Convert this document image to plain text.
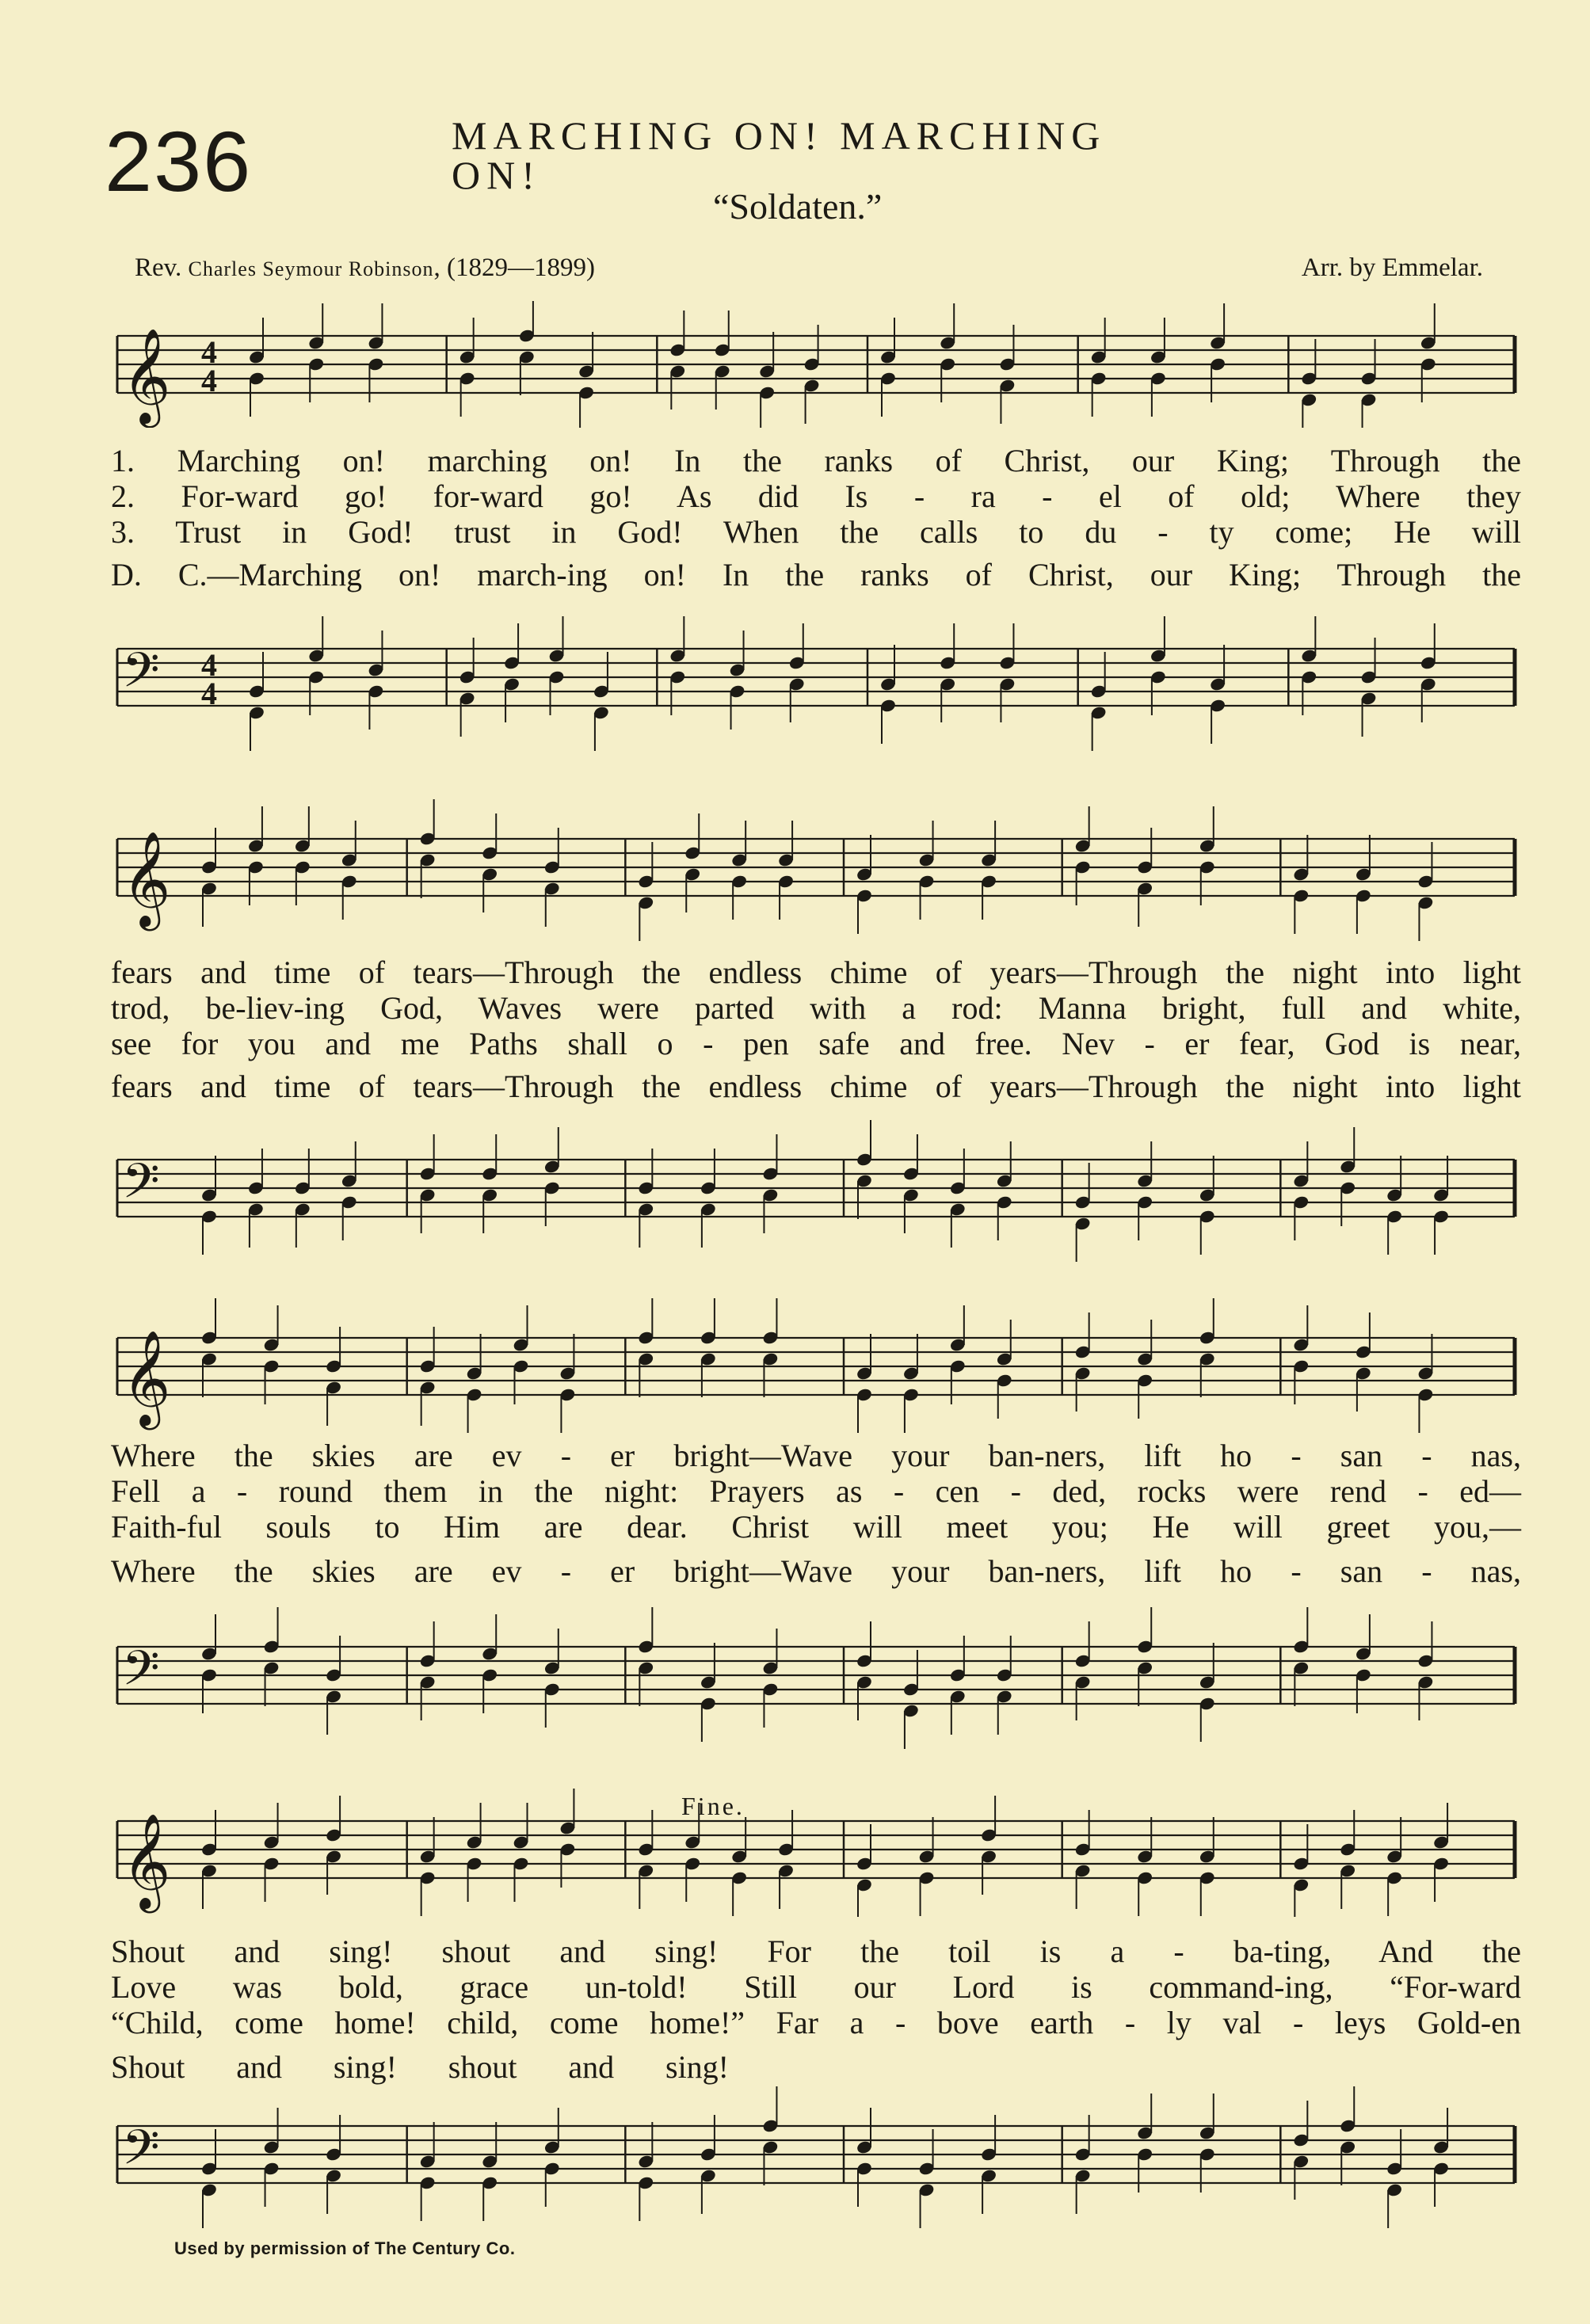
236	MARCHING ON! MARCHING ON!
“Soldaten.”
Rev. Charles Seymour Robinson, (1829—1899)	Arr. by Emmelar.
𝄞 4
4
1. Marching on! marching on! In the ranks of Christ, our King; Through the
2. For-ward go! for-ward go! As did Is - ra - el of old; Where they
3. Trust in God! trust in God! When the calls to du - ty come; He will
D. C.—Marching on! march-ing on! In the ranks of Christ, our King; Through the
𝄢 4
4
𝄞
fears and time of tears—Through the endless chime of years—Through the night into light
trod, be-liev-ing God, Waves were parted with a rod: Manna bright, full and white,
see for you and me Paths shall o - pen safe and free. Nev - er fear, God is near,
fears and time of tears—Through the endless chime of years—Through the night into light
𝄢
𝄞
Where the skies are ev - er bright—Wave your ban-ners, lift ho - san - nas,
Fell a - round them in the night: Prayers as - cen - ded, rocks were rend - ed—
Faith-ful souls to Him are dear. Christ will meet you; He will greet you,—
Where the skies are ev - er bright—Wave your ban-ners, lift ho - san - nas,
𝄢
Fine.
𝄞
Shout and sing! shout and sing! For the toil is a - ba-ting, And the
Love was bold, grace un-told! Still our Lord is command-ing, “For-ward
“Child, come home! child, come home!” Far a - bove earth - ly val - leys Gold-en
Shout and sing! shout and sing!
𝄢
Used by permission of The Century Co.
